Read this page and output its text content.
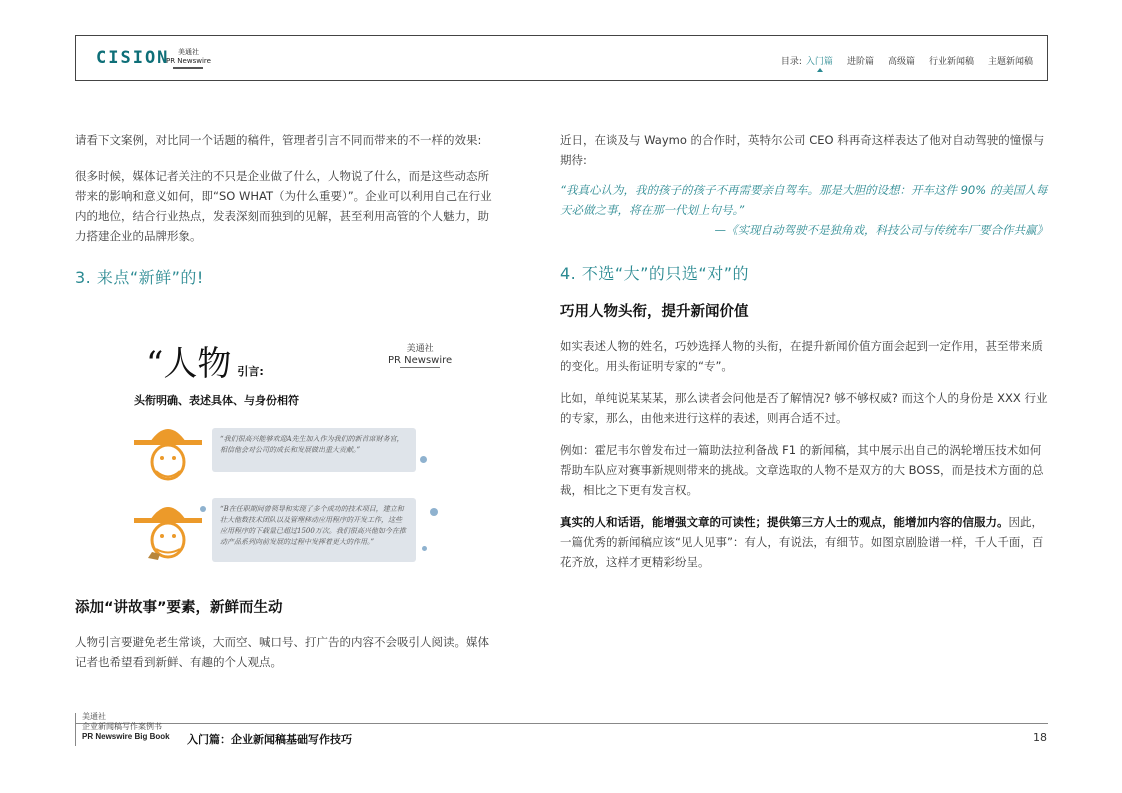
CISION	美通社
PR Newswire	目录: 入门篇 进阶篇 高级篇 行业新闻稿 主题新闻稿
请看下文案例，对比同一个话题的稿件，管理者引言不同而带来的不一样的效果:
很多时候，媒体记者关注的不只是企业做了什么，人物说了什么，而是这些动态所带来的影响和意义如何，即“SO WHAT（为什么重要）”。企业可以利用自己在行业内的地位，结合行业热点，发表深刻而独到的见解，甚至利用高管的个人魅力，助力搭建企业的品牌形象。
3. 来点“新鲜”的!
“人物 引言:
美通社
PR Newswire
头衔明确、表述具体、与身份相符
“我们很高兴能够欢迎A先生加入作为我们的新首席财务官，相信他会对公司的成长和发展做出重大贡献。”
“B在任职期间曾领导和实现了多个成功的技术项目，建立和壮大他数技术团队以及管理移动应用程序的开发工作，这些应用程序的下载量已超过1500万次。我们很高兴他如今在推动产品系列向前发展的过程中发挥着更大的作用。”
添加“讲故事”要素，新鲜而生动
人物引言要避免老生常谈，大而空、喊口号、打广告的内容不会吸引人阅读。媒体记者也希望看到新鲜、有趣的个人观点。
近日，在谈及与 Waymo 的合作时，英特尔公司 CEO 科再奇这样表达了他对自动驾驶的憧憬与期待:
“我真心认为，我的孩子的孩子不再需要亲自驾车。那是大胆的设想：开车这件 90% 的美国人每天必做之事，将在那一代划上句号。”
—《实现自动驾驶不是独角戏，科技公司与传统车厂要合作共赢》
4. 不选“大”的只选“对”的
巧用人物头衔，提升新闻价值
如实表述人物的姓名，巧妙选择人物的头衔，在提升新闻价值方面会起到一定作用，甚至带来质的变化。用头衔证明专家的“专”。
比如，单纯说某某某，那么读者会问他是否了解情况? 够不够权威? 而这个人的身份是 XXX 行业的专家，那么，由他来进行这样的表述，则再合适不过。
例如：霍尼韦尔曾发布过一篇助法拉利备战 F1 的新闻稿，其中展示出自己的涡轮增压技术如何帮助车队应对赛事新规则带来的挑战。文章选取的人物不是双方的大 BOSS，而是技术方面的总裁，相比之下更有发言权。
真实的人和话语，能增强文章的可读性；提供第三方人士的观点，能增加内容的信服力。因此，一篇优秀的新闻稿应该“见人见事”：有人，有说法，有细节。如图京剧脸谱一样，千人千面，百花齐放，这样才更精彩纷呈。
美通社
企业新闻稿写作案例书
PR Newswire Big Book 入门篇：企业新闻稿基础写作技巧	18
